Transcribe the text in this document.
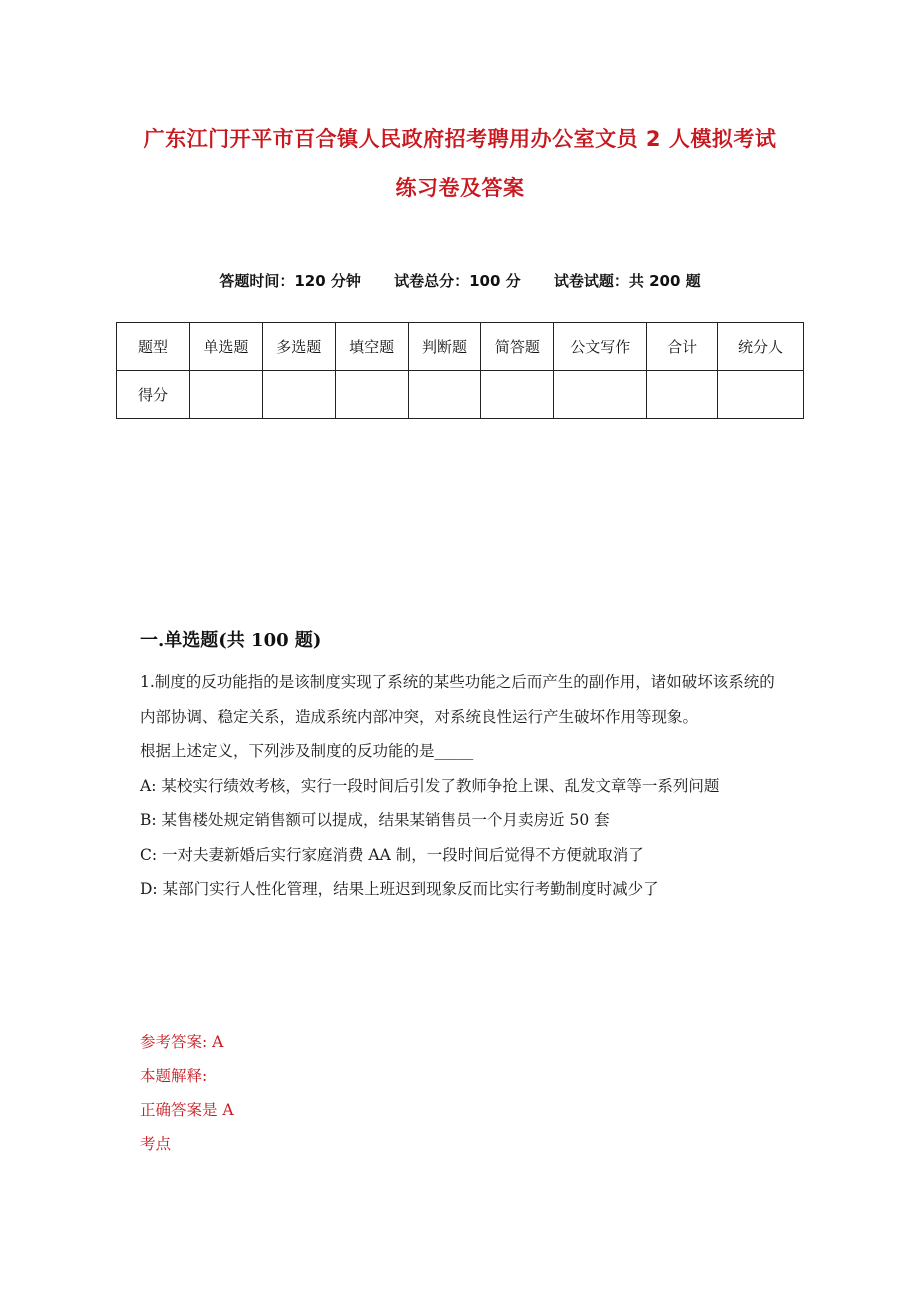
广东江门开平市百合镇人民政府招考聘用办公室文员 2 人模拟考试
练习卷及答案
答题时间：120 分钟 试卷总分：100 分 试卷试题：共 200 题
题型	单选题	多选题	填空题	判断题	简答题	公文写作	合计	统分人
得分								
一.单选题(共 100 题)
1.制度的反功能指的是该制度实现了系统的某些功能之后而产生的副作用，诸如破坏该系统的内部协调、稳定关系，造成系统内部冲突，对系统良性运行产生破坏作用等现象。
根据上述定义，下列涉及制度的反功能的是_____
A: 某校实行绩效考核，实行一段时间后引发了教师争抢上课、乱发文章等一系列问题
B: 某售楼处规定销售额可以提成，结果某销售员一个月卖房近 50 套
C: 一对夫妻新婚后实行家庭消费 AA 制，一段时间后觉得不方便就取消了
D: 某部门实行人性化管理，结果上班迟到现象反而比实行考勤制度时减少了
参考答案: A
本题解释:
正确答案是 A
考点
